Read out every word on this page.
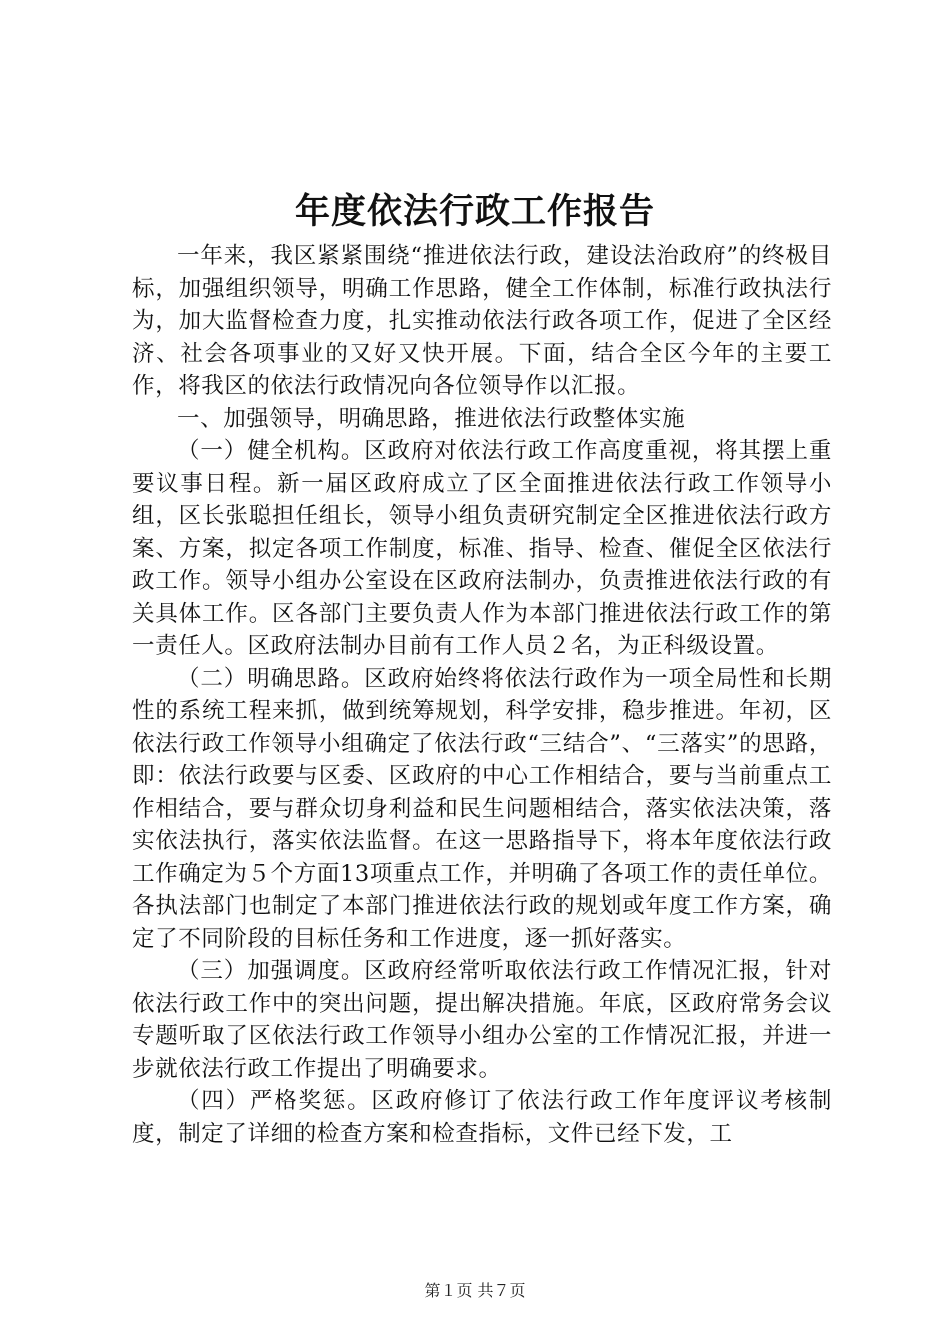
年度依法行政工作报告

一年来，我区紧紧围绕“推进依法行政，建设法治政府”的终极目标，加强组织领导，明确工作思路，健全工作体制，标准行政执法行为，加大监督检查力度，扎实推动依法行政各项工作，促进了全区经济、社会各项事业的又好又快开展。下面，结合全区今年的主要工作，将我区的依法行政情况向各位领导作以汇报。

一、加强领导，明确思路，推进依法行政整体实施

（一）健全机构。区政府对依法行政工作高度重视，将其摆上重要议事日程。新一届区政府成立了区全面推进依法行政工作领导小组，区长张聪担任组长，领导小组负责研究制定全区推进依法行政方案、方案，拟定各项工作制度，标准、指导、检查、催促全区依法行政工作。领导小组办公室设在区政府法制办，负责推进依法行政的有关具体工作。区各部门主要负责人作为本部门推进依法行政工作的第一责任人。区政府法制办目前有工作人员２名，为正科级设置。

（二）明确思路。区政府始终将依法行政作为一项全局性和长期性的系统工程来抓，做到统筹规划，科学安排，稳步推进。年初，区依法行政工作领导小组确定了依法行政“三结合”、“三落实”的思路，即：依法行政要与区委、区政府的中心工作相结合，要与当前重点工作相结合，要与群众切身利益和民生问题相结合，落实依法决策，落实依法执行，落实依法监督。在这一思路指导下，将本年度依法行政工作确定为５个方面13项重点工作，并明确了各项工作的责任单位。各执法部门也制定了本部门推进依法行政的规划或年度工作方案，确定了不同阶段的目标任务和工作进度，逐一抓好落实。

（三）加强调度。区政府经常听取依法行政工作情况汇报，针对依法行政工作中的突出问题，提出解决措施。年底，区政府常务会议专题听取了区依法行政工作领导小组办公室的工作情况汇报，并进一步就依法行政工作提出了明确要求。

（四）严格奖惩。区政府修订了依法行政工作年度评议考核制度，制定了详细的检查方案和检查指标，文件已经下发，工

第１页 共７页
